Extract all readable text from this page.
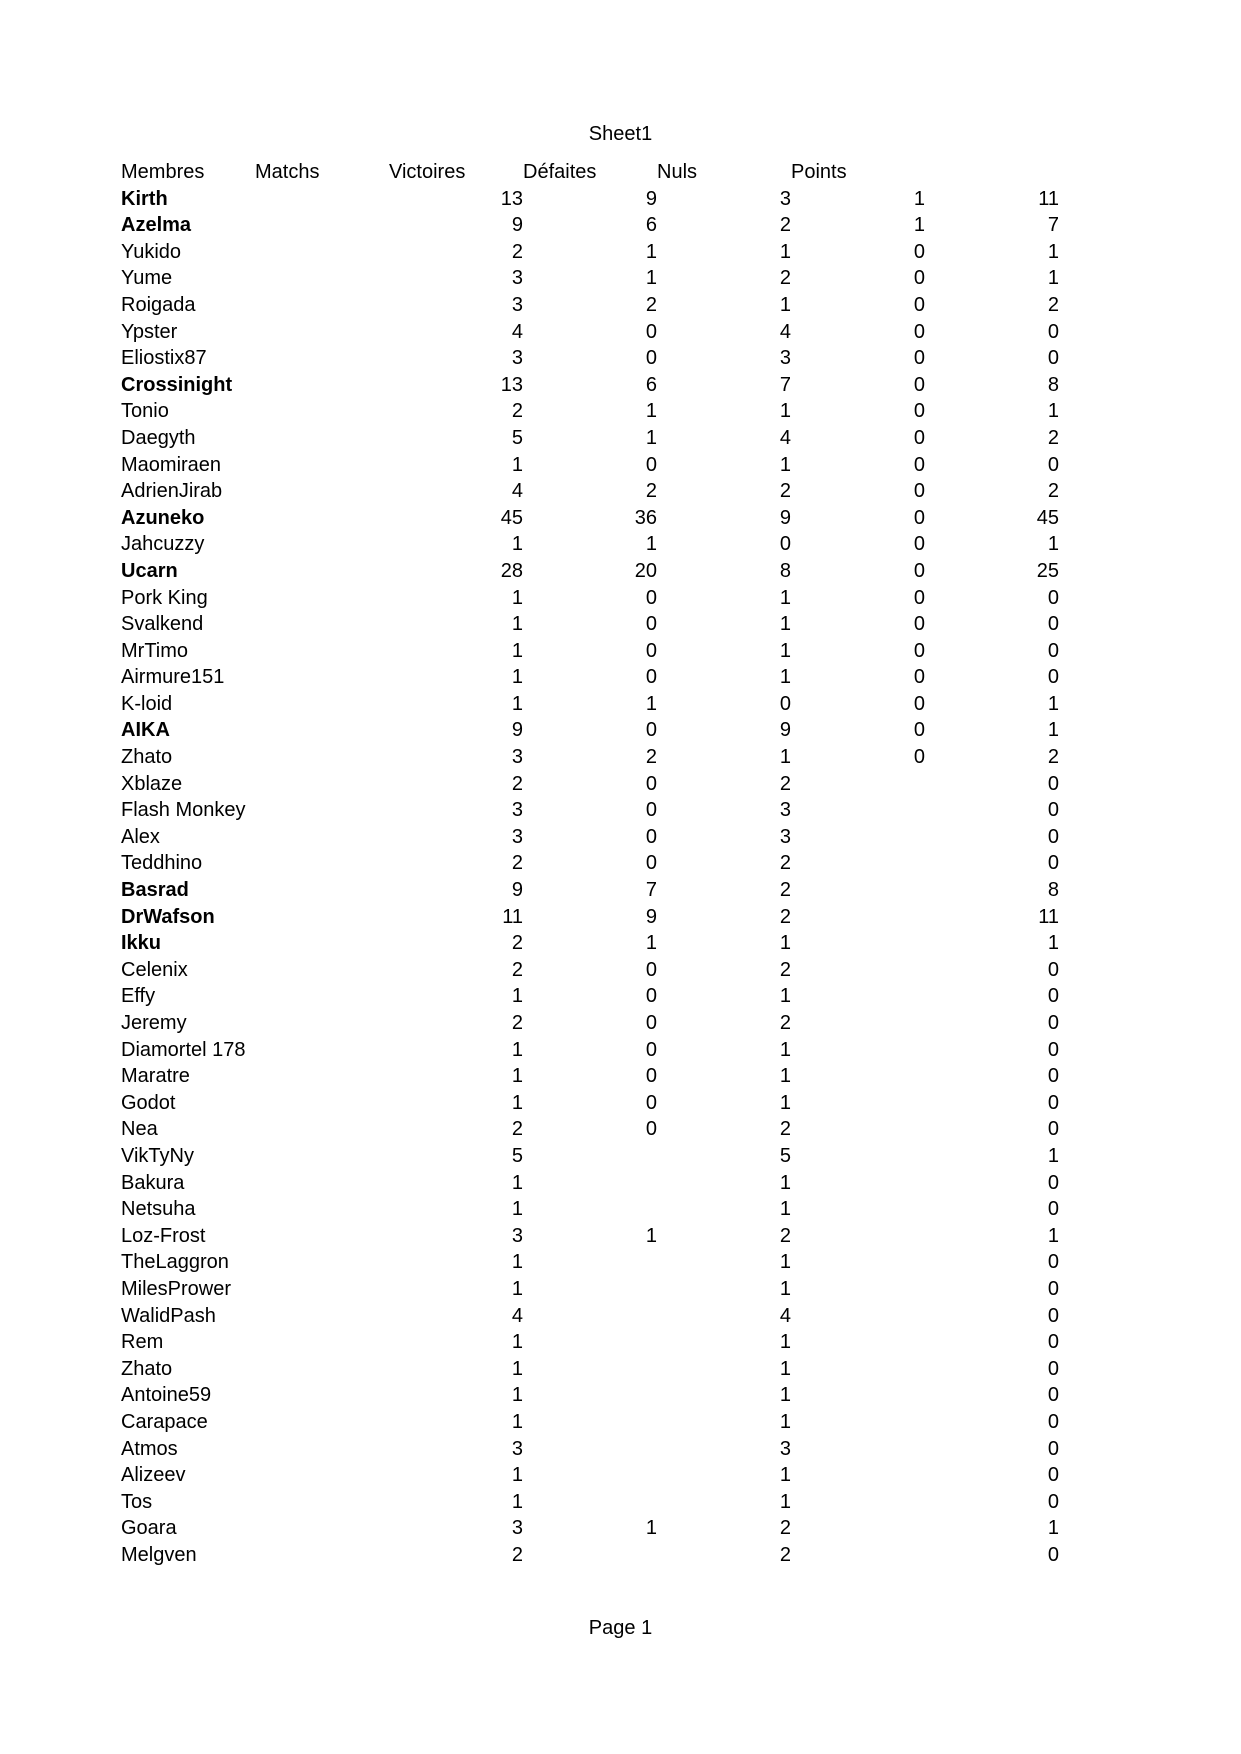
Sheet1
Membres	Matchs	Victoires	Défaites	Nuls	Points	
Kirth		13	9	3	1	11
Azelma		9	6	2	1	7
Yukido		2	1	1	0	1
Yume		3	1	2	0	1
Roigada		3	2	1	0	2
Ypster		4	0	4	0	0
Eliostix87		3	0	3	0	0
Crossinight		13	6	7	0	8
Tonio		2	1	1	0	1
Daegyth		5	1	4	0	2
Maomiraen		1	0	1	0	0
AdrienJirab		4	2	2	0	2
Azuneko		45	36	9	0	45
Jahcuzzy		1	1	0	0	1
Ucarn		28	20	8	0	25
Pork King		1	0	1	0	0
Svalkend		1	0	1	0	0
MrTimo		1	0	1	0	0
Airmure151		1	0	1	0	0
K-loid		1	1	0	0	1
AIKA		9	0	9	0	1
Zhato		3	2	1	0	2
Xblaze		2	0	2		0
Flash Monkey		3	0	3		0
Alex		3	0	3		0
Teddhino		2	0	2		0
Basrad		9	7	2		8
DrWafson		11	9	2		11
Ikku		2	1	1		1
Celenix		2	0	2		0
Effy		1	0	1		0
Jeremy		2	0	2		0
Diamortel 178		1	0	1		0
Maratre		1	0	1		0
Godot		1	0	1		0
Nea		2	0	2		0
VikTyNy		5		5		1
Bakura		1		1		0
Netsuha		1		1		0
Loz-Frost		3	1	2		1
TheLaggron		1		1		0
MilesPrower		1		1		0
WalidPash		4		4		0
Rem		1		1		0
Zhato		1		1		0
Antoine59		1		1		0
Carapace		1		1		0
Atmos		3		3		0
Alizeev		1		1		0
Tos		1		1		0
Goara		3	1	2		1
Melgven		2		2		0
Page 1
